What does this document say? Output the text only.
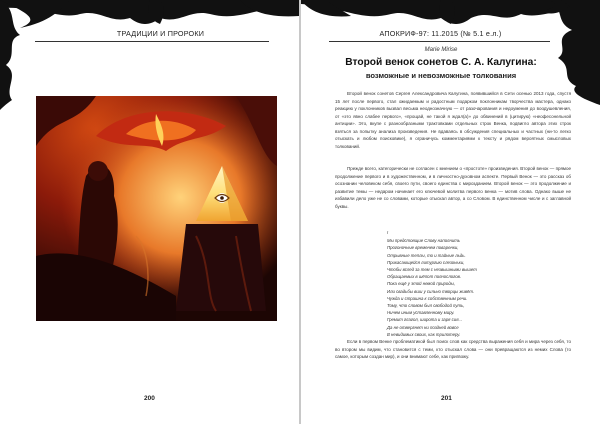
ТРАДИЦИИ И ПРОРОКИ
200
АПОКРИФ-97: 11.2015 (№ 5.1 е.л.)
Marie Mirise
Второй венок сонетов С. А. Калугина:
возможные и невозможные толкования

Второй венок сонетов Сергея Александровича Калугина, появившийся в Сети осенью 2013 года, спустя 15 лет после первого, стал ожидаемым и радостным подарком поклонникам творчества мастера, однако реакцию у поклонников вызвал весьма неоднозначную — от разочарования и недоумения до воодушевления, от «это явно слабее первого», «прощай, не такой я ждал(а)» до обвинений в (цитирую) «неофесонельной антиции». Это, вкупе с разнообразными трактовками отдельных строк Венка, подвигло автора этих строк взяться за попытку анализа произведения. Не вдаваясь в обсуждения специальных и частных (ни-то легко отыскать и любом поисковике), я ограничусь комментариями к тексту и рядом вероятных смысловых толкований.

Прежде всего, категорически не согласен с мнением о «простоте» произведения. Второй венок — прямое продолжение первого и в художественном, и в личностно-духовном аспекте. Первый Венок — это рассказ об осознании человеком себя, своего пути, своего единства с мирозданием. Второй венок — это продолжение и развитие темы — недаром начинает его ключевой молитва первого венка — мотив слова. Однако выше не избавили дело уже не со словами, которые отыскал автор, а со Словом. В единственном числе и с заглавной буквы.

I
Мы предстоящие Слову наполнить
Прогоночные временем поваренки,
Отрывные теплы, то и тайные льдь.
Прикасающейся литургию слезоньки,
Чтобы вслед за тем с незвышными вышет
Обращаемых в шёпот полнослогов.
Пока ещё у этой немой природы,
Или свадьбы вши у сильно творцы живёт.
Чужда и страшна к собственным речи.
Тому, что словом был свободой путь,
Ничем иным уставленному миру.
Гремит глагол, широта и заря сия...
Да не отвергнет ни поздней вовсе
В невидимых своих, как трилотеру.

Если в первом Венке проблематикой был поиск слов как средства выражения себя и мира через себя, то во втором мы видим, что становится с теми, кто отыскал слова — они превращаются из немих Слова (то самое, которым создан мир), и они внимают себе, как пригвожу.

201
